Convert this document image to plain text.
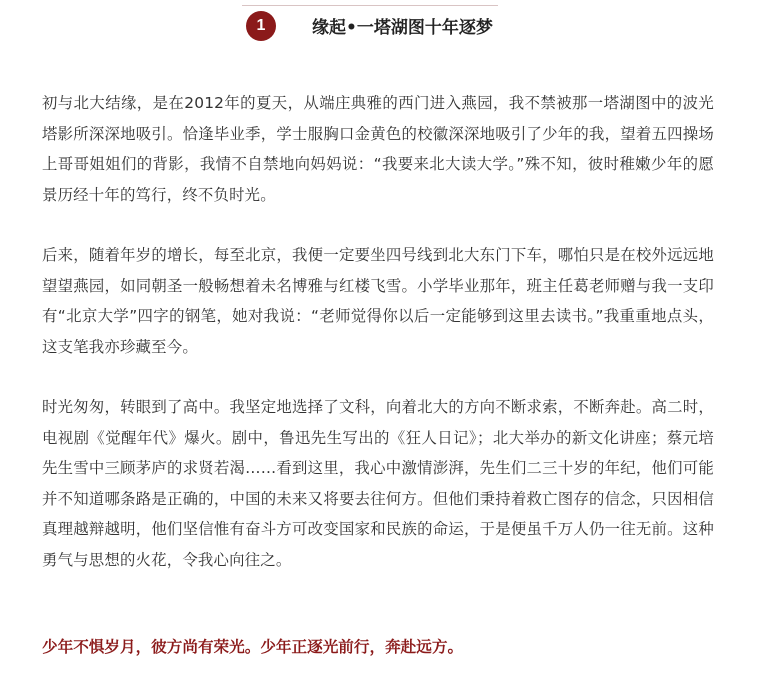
1	缘起•一塔湖图十年逐梦

初与北大结缘，是在2012年的夏天，从端庄典雅的西门进入燕园，我不禁被那一塔湖图中的波光塔影所深深地吸引。恰逢毕业季，学士服胸口金黄色的校徽深深地吸引了少年的我，望着五四操场上哥哥姐姐们的背影，我情不自禁地向妈妈说：“我要来北大读大学。”殊不知，彼时稚嫩少年的愿景历经十年的笃行，终不负时光。

后来，随着年岁的增长，每至北京，我便一定要坐四号线到北大东门下车，哪怕只是在校外远远地望望燕园，如同朝圣一般畅想着未名博雅与红楼飞雪。小学毕业那年，班主任葛老师赠与我一支印有“北京大学”四字的钢笔，她对我说：“老师觉得你以后一定能够到这里去读书。”我重重地点头，这支笔我亦珍藏至今。

时光匆匆，转眼到了高中。我坚定地选择了文科，向着北大的方向不断求索，不断奔赴。高二时，电视剧《觉醒年代》爆火。剧中，鲁迅先生写出的《狂人日记》；北大举办的新文化讲座；蔡元培先生雪中三顾茅庐的求贤若渴……看到这里，我心中激情澎湃，先生们二三十岁的年纪，他们可能并不知道哪条路是正确的，中国的未来又将要去往何方。但他们秉持着救亡图存的信念，只因相信真理越辩越明，他们坚信惟有奋斗方可改变国家和民族的命运，于是便虽千万人仍一往无前。这种勇气与思想的火花，令我心向往之。

少年不惧岁月，彼方尚有荣光。少年正逐光前行，奔赴远方。
